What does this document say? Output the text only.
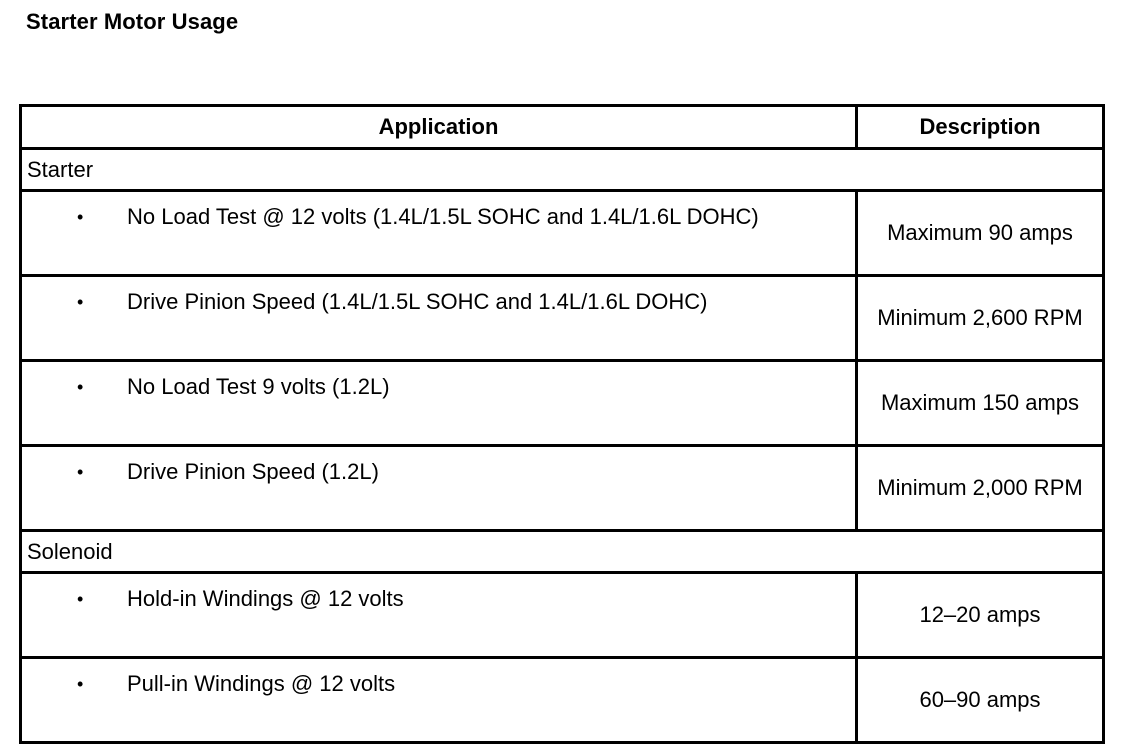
Starter Motor Usage
Application	Description
Starter	

• No Load Test @ 12 volts (1.4L/1.5L SOHC and 1.4L/1.6L DOHC)	Maximum 90 amps

• Drive Pinion Speed (1.4L/1.5L SOHC and 1.4L/1.6L DOHC)	Minimum 2,600 RPM

• No Load Test 9 volts (1.2L)	Maximum 150 amps

• Drive Pinion Speed (1.2L)	Minimum 2,000 RPM
Solenoid	

• Hold-in Windings @ 12 volts	12–20 amps

• Pull-in Windings @ 12 volts	60–90 amps
